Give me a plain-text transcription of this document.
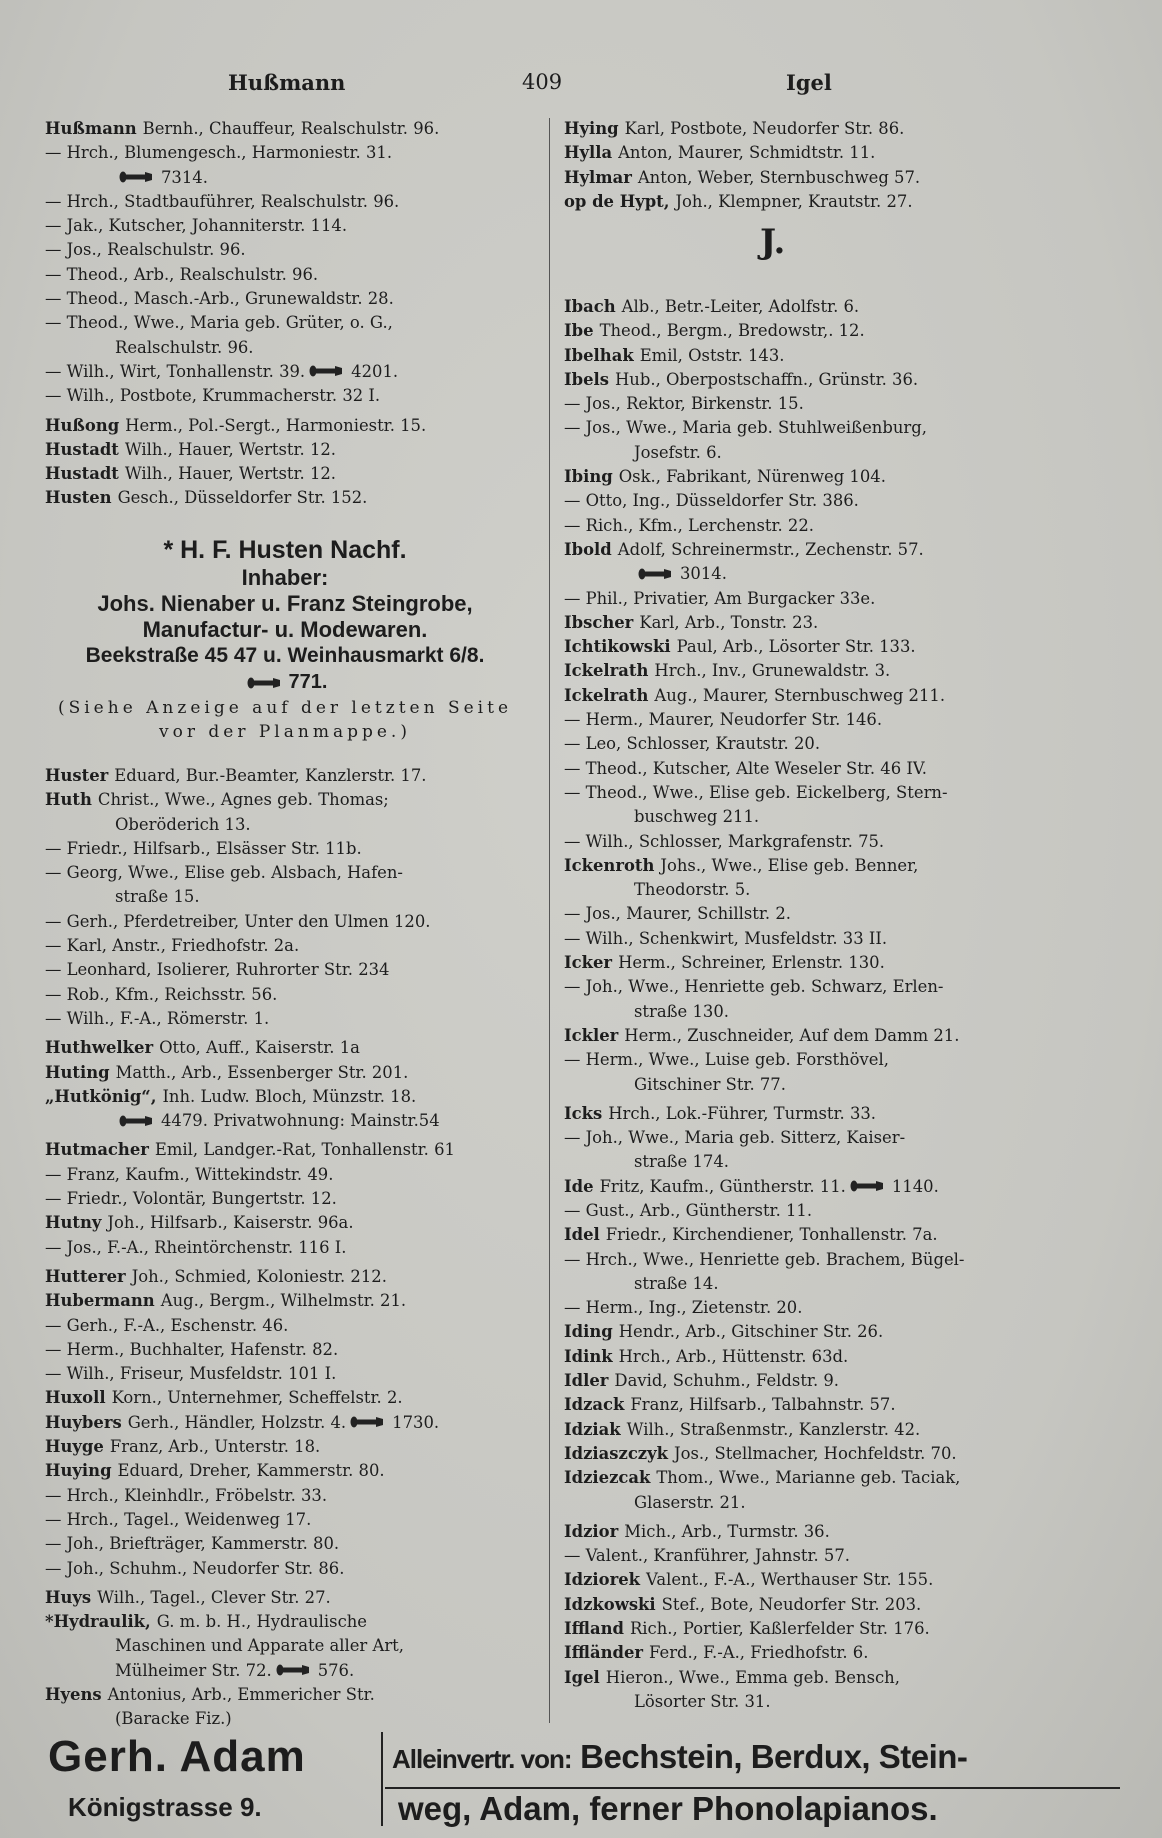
Hußmann	409	Igel
Hußmann Bernh., Chauffeur, Realschulstr. 96.
— Hrch., Blumengesch., Harmoniestr. 31.
7314.
— Hrch., Stadtbauführer, Realschulstr. 96.
— Jak., Kutscher, Johanniterstr. 114.
— Jos., Realschulstr. 96.
— Theod., Arb., Realschulstr. 96.
— Theod., Masch.-Arb., Grunewaldstr. 28.
— Theod., Wwe., Maria geb. Grüter, o. G.,
Realschulstr. 96.
— Wilh., Wirt, Tonhallenstr. 39.	4201.
— Wilh., Postbote, Krummacherstr. 32 I.
Hußong Herm., Pol.-Sergt., Harmoniestr. 15.
Hustadt Wilh., Hauer, Wertstr. 12.
Hustadt Wilh., Hauer, Wertstr. 12.
Husten Gesch., Düsseldorfer Str. 152.
* H. F. Husten Nachf.
Inhaber:
Johs. Nienaber u. Franz Steingrobe,
Manufactur- u. Modewaren.
Beekstraße 45 47 u. Weinhausmarkt 6/8.
771.
(Siehe Anzeige auf der letzten Seite
vor der Planmappe.)
Huster Eduard, Bur.-Beamter, Kanzlerstr. 17.
Huth Christ., Wwe., Agnes geb. Thomas;
Oberöderich 13.
— Friedr., Hilfsarb., Elsässer Str. 11b.
— Georg, Wwe., Elise geb. Alsbach, Hafen-
straße 15.
— Gerh., Pferdetreiber, Unter den Ulmen 120.
— Karl, Anstr., Friedhofstr. 2a.
— Leonhard, Isolierer, Ruhrorter Str. 234
— Rob., Kfm., Reichsstr. 56.
— Wilh., F.-A., Römerstr. 1.
Huthwelker Otto, Auff., Kaiserstr. 1a
Huting Matth., Arb., Essenberger Str. 201.
„Hutkönig“, Inh. Ludw. Bloch, Münzstr. 18.
4479. Privatwohnung: Mainstr.54
Hutmacher Emil, Landger.-Rat, Tonhallenstr. 61
— Franz, Kaufm., Wittekindstr. 49.
— Friedr., Volontär, Bungertstr. 12.
Hutny Joh., Hilfsarb., Kaiserstr. 96a.
— Jos., F.-A., Rheintörchenstr. 116 I.
Hutterer Joh., Schmied, Koloniestr. 212.
Hubermann Aug., Bergm., Wilhelmstr. 21.
— Gerh., F.-A., Eschenstr. 46.
— Herm., Buchhalter, Hafenstr. 82.
— Wilh., Friseur, Musfeldstr. 101 I.
Huxoll Korn., Unternehmer, Scheffelstr. 2.
Huybers Gerh., Händler, Holzstr. 4.	1730.
Huyge Franz, Arb., Unterstr. 18.
Huying Eduard, Dreher, Kammerstr. 80.
— Hrch., Kleinhdlr., Fröbelstr. 33.
— Hrch., Tagel., Weidenweg 17.
— Joh., Briefträger, Kammerstr. 80.
— Joh., Schuhm., Neudorfer Str. 86.
Huys Wilh., Tagel., Clever Str. 27.
*Hydraulik, G. m. b. H., Hydraulische
Maschinen und Apparate aller Art,
Mülheimer Str. 72.	576.
Hyens Antonius, Arb., Emmericher Str.
(Baracke Fiz.)
Hying Karl, Postbote, Neudorfer Str. 86.
Hylla Anton, Maurer, Schmidtstr. 11.
Hylmar Anton, Weber, Sternbuschweg 57.
op de Hypt, Joh., Klempner, Krautstr. 27.
J.
Ibach Alb., Betr.-Leiter, Adolfstr. 6.
Ibe Theod., Bergm., Bredowstr,. 12.
Ibelhak Emil, Oststr. 143.
Ibels Hub., Oberpostschaffn., Grünstr. 36.
— Jos., Rektor, Birkenstr. 15.
— Jos., Wwe., Maria geb. Stuhlweißenburg,
Josefstr. 6.
Ibing Osk., Fabrikant, Nürenweg 104.
— Otto, Ing., Düsseldorfer Str. 386.
— Rich., Kfm., Lerchenstr. 22.
Ibold Adolf, Schreinermstr., Zechenstr. 57.
3014.
— Phil., Privatier, Am Burgacker 33e.
Ibscher Karl, Arb., Tonstr. 23.
Ichtikowski Paul, Arb., Lösorter Str. 133.
Ickelrath Hrch., Inv., Grunewaldstr. 3.
Ickelrath Aug., Maurer, Sternbuschweg 211.
— Herm., Maurer, Neudorfer Str. 146.
— Leo, Schlosser, Krautstr. 20.
— Theod., Kutscher, Alte Weseler Str. 46 IV.
— Theod., Wwe., Elise geb. Eickelberg, Stern-
buschweg 211.
— Wilh., Schlosser, Markgrafenstr. 75.
Ickenroth Johs., Wwe., Elise geb. Benner,
Theodorstr. 5.
— Jos., Maurer, Schillstr. 2.
— Wilh., Schenkwirt, Musfeldstr. 33 II.
Icker Herm., Schreiner, Erlenstr. 130.
— Joh., Wwe., Henriette geb. Schwarz, Erlen-
straße 130.
Ickler Herm., Zuschneider, Auf dem Damm 21.
— Herm., Wwe., Luise geb. Forsthövel,
Gitschiner Str. 77.
Icks Hrch., Lok.-Führer, Turmstr. 33.
— Joh., Wwe., Maria geb. Sitterz, Kaiser-
straße 174.
Ide Fritz, Kaufm., Güntherstr. 11.	1140.
— Gust., Arb., Güntherstr. 11.
Idel Friedr., Kirchendiener, Tonhallenstr. 7a.
— Hrch., Wwe., Henriette geb. Brachem, Bügel-
straße 14.
— Herm., Ing., Zietenstr. 20.
Iding Hendr., Arb., Gitschiner Str. 26.
Idink Hrch., Arb., Hüttenstr. 63d.
Idler David, Schuhm., Feldstr. 9.
Idzack Franz, Hilfsarb., Talbahnstr. 57.
Idziak Wilh., Straßenmstr., Kanzlerstr. 42.
Idziaszczyk Jos., Stellmacher, Hochfeldstr. 70.
Idziezcak Thom., Wwe., Marianne geb. Taciak,
Glaserstr. 21.
Idzior Mich., Arb., Turmstr. 36.
— Valent., Kranführer, Jahnstr. 57.
Idziorek Valent., F.-A., Werthauser Str. 155.
Idzkowski Stef., Bote, Neudorfer Str. 203.
Iffland Rich., Portier, Kaßlerfelder Str. 176.
Iffländer Ferd., F.-A., Friedhofstr. 6.
Igel Hieron., Wwe., Emma geb. Bensch,
Lösorter Str. 31.
Gerh. Adam
Königstrasse 9.
Alleinvertr. von: Bechstein, Berdux, Stein-
weg, Adam, ferner Phonolapianos.
